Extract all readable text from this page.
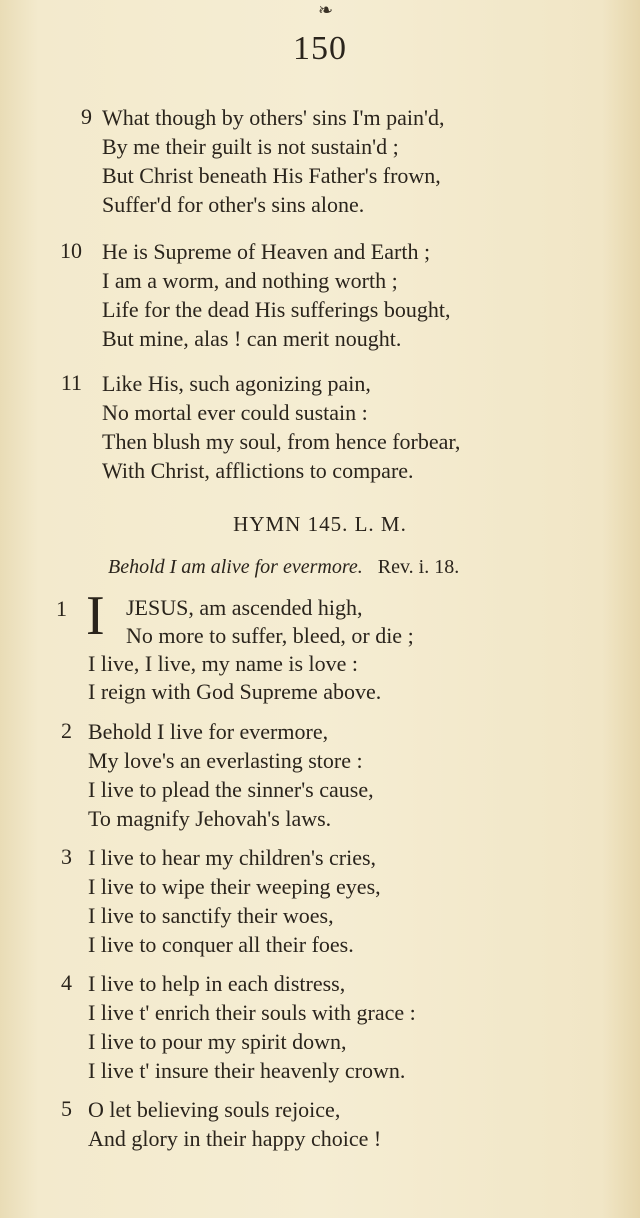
❧
150
9 What though by others' sins I'm pain'd,
By me their guilt is not sustain'd ;
But Christ beneath His Father's frown,
Suffer'd for other's sins alone.
10 He is Supreme of Heaven and Earth ;
I am a worm, and nothing worth ;
Life for the dead His sufferings bought,
But mine, alas ! can merit nought.
11 Like His, such agonizing pain,
No mortal ever could sustain :
Then blush my soul, from hence forbear,
With Christ, afflictions to compare.
HYMN 145. L. M.
Behold I am alive for evermore. Rev. i. 18.
1 I JESUS, am ascended high,
No more to suffer, bleed, or die ;
I live, I live, my name is love :
I reign with God Supreme above.
2 Behold I live for evermore,
My love's an everlasting store :
I live to plead the sinner's cause,
To magnify Jehovah's laws.
3 I live to hear my children's cries,
I live to wipe their weeping eyes,
I live to sanctify their woes,
I live to conquer all their foes.
4 I live to help in each distress,
I live t' enrich their souls with grace :
I live to pour my spirit down,
I live t' insure their heavenly crown.
5 O let believing souls rejoice,
And glory in their happy choice !
